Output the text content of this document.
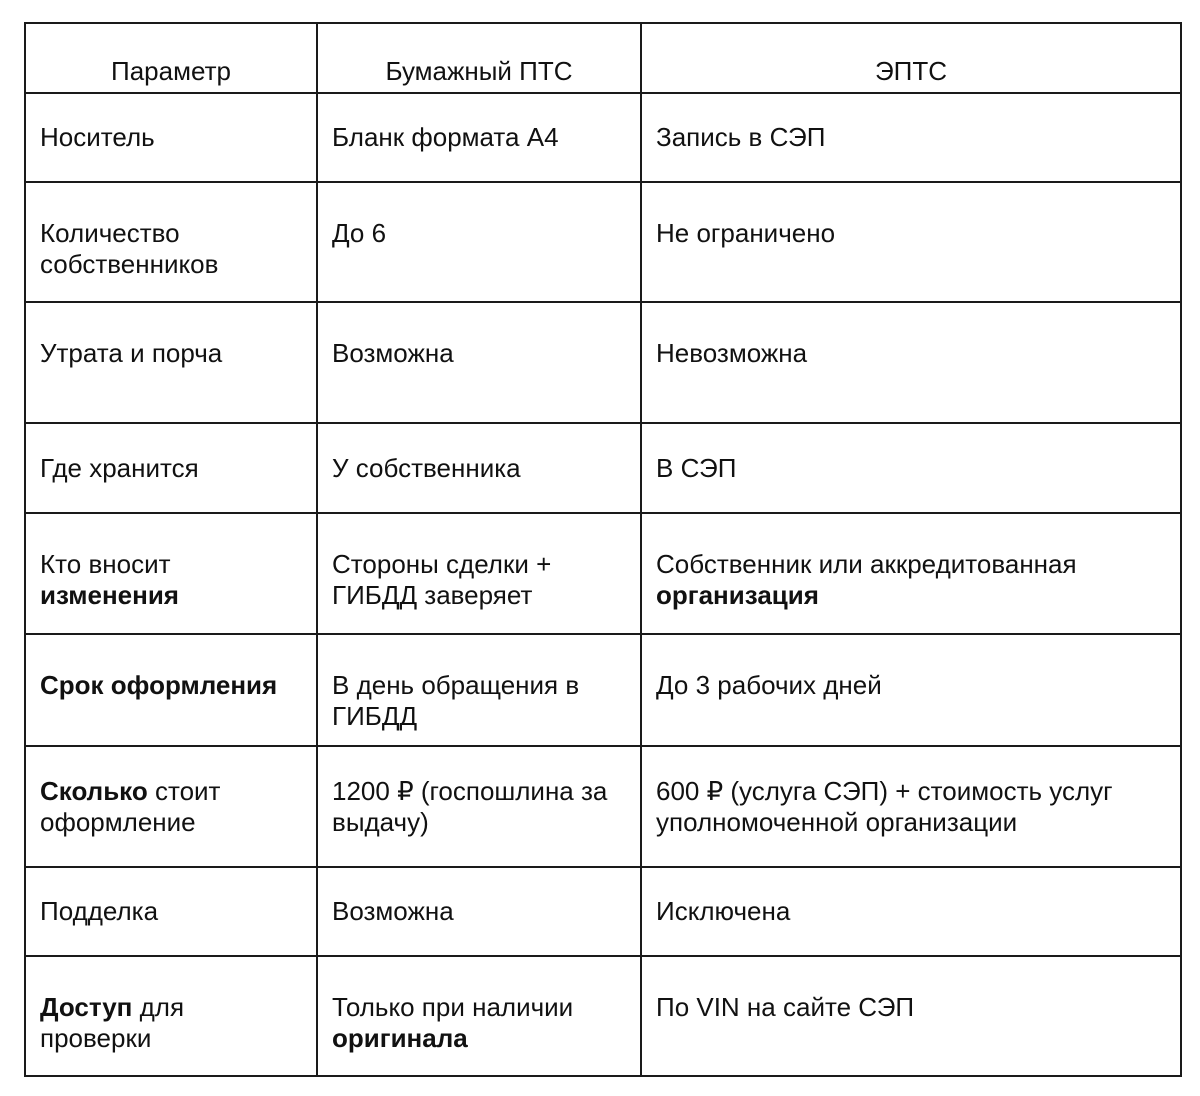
Параметр	Бумажный ПТС	ЭПТС
Носитель	Бланк формата А4	Запись в СЭП
Количество собственников	До 6	Не ограничено
Утрата и порча	Возможна	Невозможна
Где хранится	У собственника	В СЭП
Кто вносит изменения	Стороны сделки + ГИБДД заверяет	Собственник или аккредитованная организация
Срок оформления	В день обращения в ГИБДД	До 3 рабочих дней
Сколько стоит оформление	1200 ₽ (госпошлина за выдачу)	600 ₽ (услуга СЭП) + стоимость услуг уполномоченной организации
Подделка	Возможна	Исключена
Доступ для проверки	Только при наличии оригинала	По VIN на сайте СЭП
